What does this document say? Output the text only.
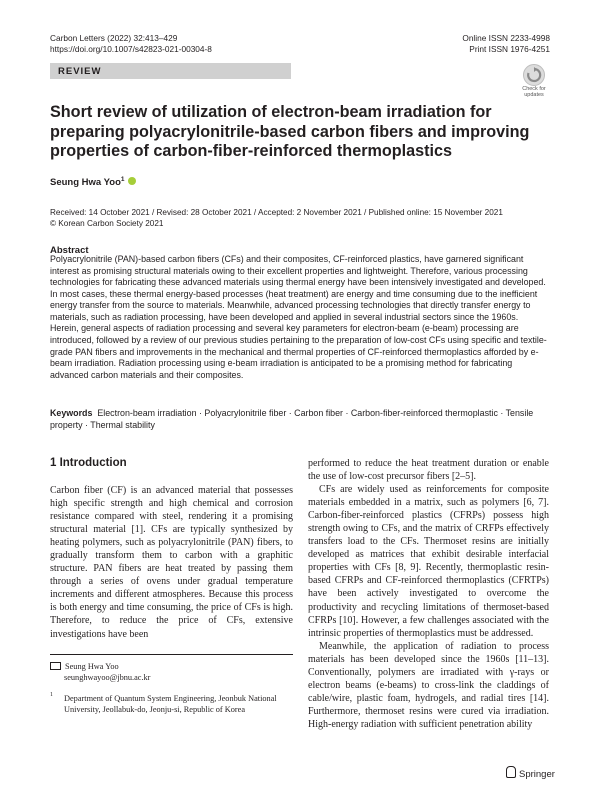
Carbon Letters (2022) 32:413–429
https://doi.org/10.1007/s42823-021-00304-8
Online ISSN 2233-4998
Print ISSN 1976-4251
REVIEW
Check for
updates
Short review of utilization of electron-beam irradiation for preparing polyacrylonitrile-based carbon fibers and improving properties of carbon-fiber-reinforced thermoplastics
Seung Hwa Yoo$^1$
Received: 14 October 2021 / Revised: 28 October 2021 / Accepted: 2 November 2021 / Published online: 15 November 2021
© Korean Carbon Society 2021
Abstract
Polyacrylonitrile (PAN)-based carbon fibers (CFs) and their composites, CF-reinforced plastics, have garnered significant interest as promising structural materials owing to their excellent properties and lightweight. Therefore, various processing technologies for fabricating these advanced materials using thermal energy have been intensively investigated and developed. In most cases, these thermal energy-based processes (heat treatment) are energy and time consuming due to the inefficient energy transfer from the source to materials. Meanwhile, advanced processing technologies that directly transfer energy to materials, such as radiation processing, have been developed and applied in several industrial sectors since the 1960s. Herein, general aspects of radiation processing and several key parameters for electron-beam (e-beam) processing are introduced, followed by a review of our previous studies pertaining to the preparation of low-cost CFs using specific and textile-grade PAN fibers and improvements in the mechanical and thermal properties of CF-reinforced thermoplastics afforded by e-beam irradiation. Radiation processing using e-beam irradiation is anticipated to be a promising method for fabricating advanced carbon materials and their composites.
Keywords Electron-beam irradiation · Polyacrylonitrile fiber · Carbon fiber · Carbon-fiber-reinforced thermoplastic · Tensile property · Thermal stability
1 Introduction

Carbon fiber (CF) is an advanced material that possesses high specific strength and high chemical and corrosion resistance compared with steel, rendering it a promising structural material [1]. CFs are typically synthesized by heating polymers, such as polyacrylonitrile (PAN) fibers, to gradually transform them to carbon with a graphitic structure. PAN fibers are heat treated by passing them through a series of ovens under gradual temperature increments and different atmospheres. Because this process is both energy and time consuming, the price of CFs is high. Therefore, to reduce the price of CFs, extensive investigations have been

performed to reduce the heat treatment duration or enable the use of low-cost precursor fibers [2–5].

CFs are widely used as reinforcements for composite materials embedded in a matrix, such as polymers [6, 7]. Carbon-fiber-reinforced plastics (CFRPs) possess high strength owing to CFs, and the matrix of CRFPs effectively transfers load to the CFs. Thermoset resins are initially developed as matrices that exhibit desirable interfacial properties with CFs [8, 9]. Recently, thermoplastic resin-based CFRPs and CF-reinforced thermoplastics (CFRTPs) have been actively investigated to overcome the productivity and recycling limitations of thermoset-based CFRPs [10]. However, a few challenges associated with the intrinsic properties of thermoplastics must be addressed.

Meanwhile, the application of radiation to process materials has been developed since the 1960s [11–13]. Conventionally, polymers are irradiated with γ-rays or electron beams (e-beams) to cross-link the claddings of cable/wire, plastic foam, hydrogels, and radial tires [14]. Furthermore, thermoset resins were cured via irradiation. High-energy radiation with sufficient penetration ability

Seung Hwa Yoo
seunghwayoo@jbnu.ac.kr
$^1$	Department of Quantum System Engineering, Jeonbuk National University, Jeollabuk-do, Jeonju-si, Republic of Korea
Springer
